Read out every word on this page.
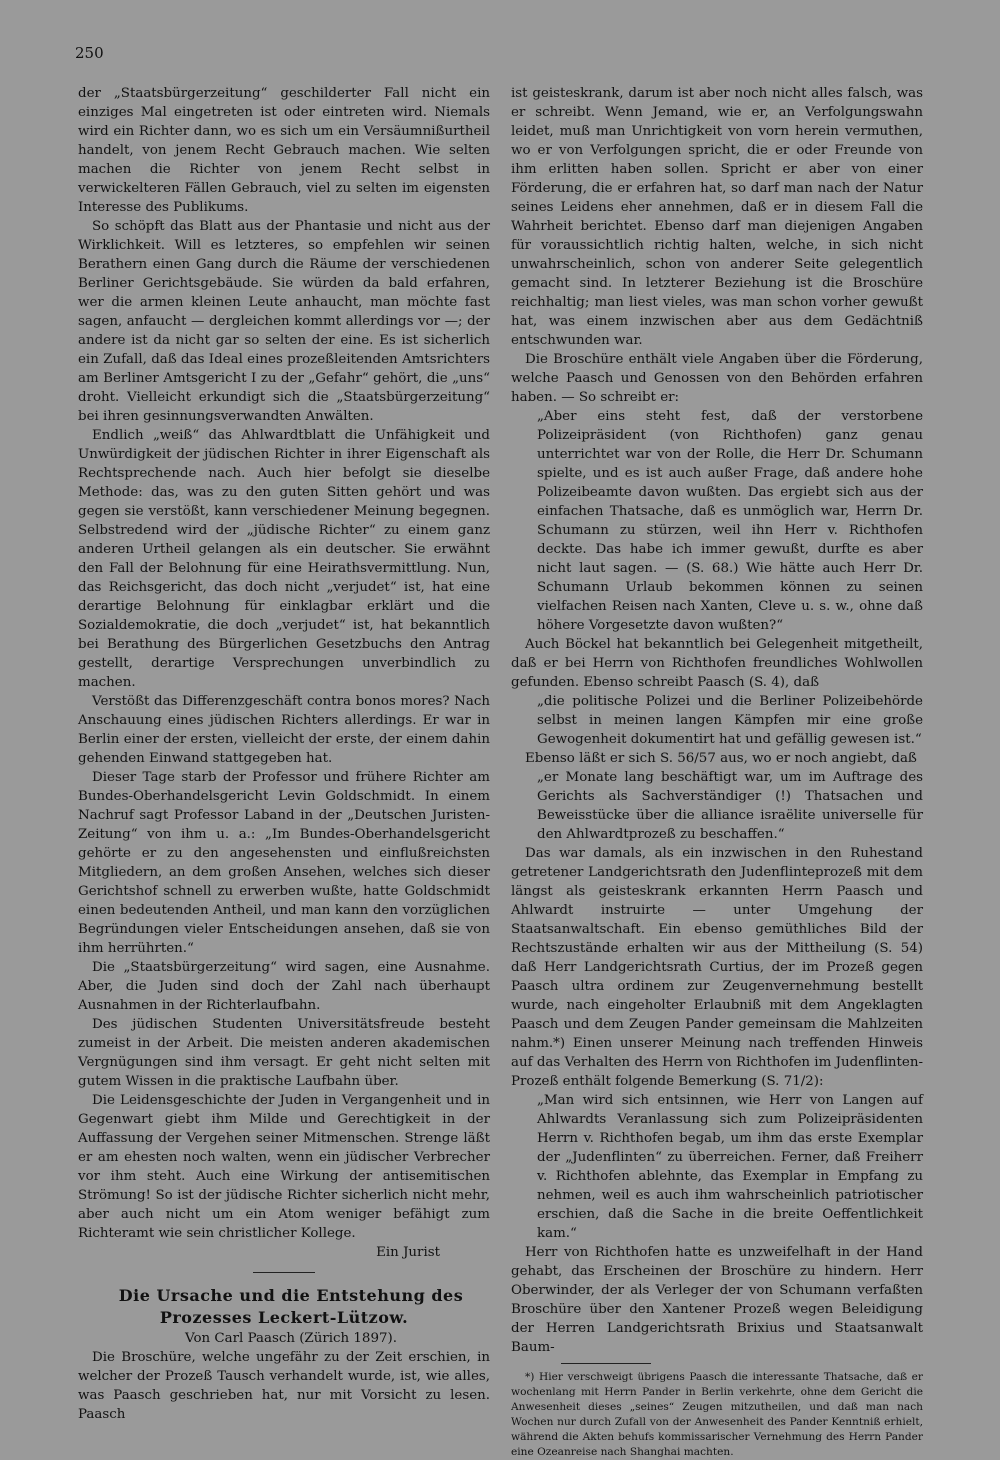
250

der „Staatsbürgerzeitung“ geschilderter Fall nicht ein einziges Mal eingetreten ist oder eintreten wird. Niemals wird ein Richter dann, wo es sich um ein Versäumnißurtheil handelt, von jenem Recht Gebrauch machen. Wie selten machen die Richter von jenem Recht selbst in verwickelteren Fällen Gebrauch, viel zu selten im eigensten Interesse des Publikums.

So schöpft das Blatt aus der Phantasie und nicht aus der Wirklichkeit. Will es letzteres, so empfehlen wir seinen Berathern einen Gang durch die Räume der verschiedenen Berliner Gerichtsgebäude. Sie würden da bald erfahren, wer die armen kleinen Leute anhaucht, man möchte fast sagen, anfaucht — dergleichen kommt allerdings vor —; der andere ist da nicht gar so selten der eine. Es ist sicherlich ein Zufall, daß das Ideal eines prozeßleitenden Amtsrichters am Berliner Amtsgericht I zu der „Gefahr“ gehört, die „uns“ droht. Vielleicht erkundigt sich die „Staatsbürgerzeitung“ bei ihren gesinnungsverwandten Anwälten.

Endlich „weiß“ das Ahlwardtblatt die Unfähigkeit und Unwürdigkeit der jüdischen Richter in ihrer Eigenschaft als Rechtsprechende nach. Auch hier befolgt sie dieselbe Methode: das, was zu den guten Sitten gehört und was gegen sie verstößt, kann verschiedener Meinung begegnen. Selbstredend wird der „jüdische Richter“ zu einem ganz anderen Urtheil gelangen als ein deutscher. Sie erwähnt den Fall der Belohnung für eine Heirathsvermittlung. Nun, das Reichsgericht, das doch nicht „verjudet“ ist, hat eine derartige Belohnung für einklagbar erklärt und die Sozialdemokratie, die doch „verjudet“ ist, hat bekanntlich bei Berathung des Bürgerlichen Gesetzbuchs den Antrag gestellt, derartige Versprechungen unverbindlich zu machen.

Verstößt das Differenzgeschäft contra bonos mores? Nach Anschauung eines jüdischen Richters allerdings. Er war in Berlin einer der ersten, vielleicht der erste, der einem dahin gehenden Einwand stattgegeben hat.

Dieser Tage starb der Professor und frühere Richter am Bundes-Oberhandelsgericht Levin Goldschmidt. In einem Nachruf sagt Professor Laband in der „Deutschen Juristen-Zeitung“ von ihm u. a.: „Im Bundes-Oberhandelsgericht gehörte er zu den angesehensten und einflußreichsten Mitgliedern, an dem großen Ansehen, welches sich dieser Gerichtshof schnell zu erwerben wußte, hatte Goldschmidt einen bedeutenden Antheil, und man kann den vorzüglichen Begründungen vieler Entscheidungen ansehen, daß sie von ihm herrührten.“

Die „Staatsbürgerzeitung“ wird sagen, eine Ausnahme. Aber, die Juden sind doch der Zahl nach überhaupt Ausnahmen in der Richterlaufbahn.

Des jüdischen Studenten Universitätsfreude besteht zumeist in der Arbeit. Die meisten anderen akademischen Vergnügungen sind ihm versagt. Er geht nicht selten mit gutem Wissen in die praktische Laufbahn über.

Die Leidensgeschichte der Juden in Vergangenheit und in Gegenwart giebt ihm Milde und Gerechtigkeit in der Auffassung der Vergehen seiner Mitmenschen. Strenge läßt er am ehesten noch walten, wenn ein jüdischer Verbrecher vor ihm steht. Auch eine Wirkung der antisemitischen Strömung! So ist der jüdische Richter sicherlich nicht mehr, aber auch nicht um ein Atom weniger befähigt zum Richteramt wie sein christlicher Kollege.

Ein Jurist

Die Ursache und die Entstehung des Prozesses Leckert-Lützow.

Von Carl Paasch (Zürich 1897).

Die Broschüre, welche ungefähr zu der Zeit erschien, in welcher der Prozeß Tausch verhandelt wurde, ist, wie alles, was Paasch geschrieben hat, nur mit Vorsicht zu lesen. Paasch

ist geisteskrank, darum ist aber noch nicht alles falsch, was er schreibt. Wenn Jemand, wie er, an Verfolgungswahn leidet, muß man Unrichtigkeit von vorn herein vermuthen, wo er von Verfolgungen spricht, die er oder Freunde von ihm erlitten haben sollen. Spricht er aber von einer Förderung, die er erfahren hat, so darf man nach der Natur seines Leidens eher annehmen, daß er in diesem Fall die Wahrheit berichtet. Ebenso darf man diejenigen Angaben für voraussichtlich richtig halten, welche, in sich nicht unwahrscheinlich, schon von anderer Seite gelegentlich gemacht sind. In letzterer Beziehung ist die Broschüre reichhaltig; man liest vieles, was man schon vorher gewußt hat, was einem inzwischen aber aus dem Gedächtniß entschwunden war.

Die Broschüre enthält viele Angaben über die Förderung, welche Paasch und Genossen von den Behörden erfahren haben. — So schreibt er:

„Aber eins steht fest, daß der verstorbene Polizeipräsident (von Richthofen) ganz genau unterrichtet war von der Rolle, die Herr Dr. Schumann spielte, und es ist auch außer Frage, daß andere hohe Polizeibeamte davon wußten. Das ergiebt sich aus der einfachen Thatsache, daß es unmöglich war, Herrn Dr. Schumann zu stürzen, weil ihn Herr v. Richthofen deckte. Das habe ich immer gewußt, durfte es aber nicht laut sagen. — (S. 68.) Wie hätte auch Herr Dr. Schumann Urlaub bekommen können zu seinen vielfachen Reisen nach Xanten, Cleve u. s. w., ohne daß höhere Vorgesetzte davon wußten?“

Auch Böckel hat bekanntlich bei Gelegenheit mitgetheilt, daß er bei Herrn von Richthofen freundliches Wohlwollen gefunden. Ebenso schreibt Paasch (S. 4), daß

„die politische Polizei und die Berliner Polizeibehörde selbst in meinen langen Kämpfen mir eine große Gewogenheit dokumentirt hat und gefällig gewesen ist.“

Ebenso läßt er sich S. 56/57 aus, wo er noch angiebt, daß

„er Monate lang beschäftigt war, um im Auftrage des Gerichts als Sachverständiger (!) Thatsachen und Beweisstücke über die alliance israëlite universelle für den Ahlwardtprozeß zu beschaffen.“

Das war damals, als ein inzwischen in den Ruhestand getretener Landgerichtsrath den Judenflinteprozeß mit dem längst als geisteskrank erkannten Herrn Paasch und Ahlwardt instruirte — unter Umgehung der Staatsanwaltschaft. Ein ebenso gemüthliches Bild der Rechtszustände erhalten wir aus der Mittheilung (S. 54) daß Herr Landgerichtsrath Curtius, der im Prozeß gegen Paasch ultra ordinem zur Zeugenvernehmung bestellt wurde, nach eingeholter Erlaubniß mit dem Angeklagten Paasch und dem Zeugen Pander gemeinsam die Mahlzeiten nahm.*) Einen unserer Meinung nach treffenden Hinweis auf das Verhalten des Herrn von Richthofen im Judenflinten-Prozeß enthält folgende Bemerkung (S. 71/2):

„Man wird sich entsinnen, wie Herr von Langen auf Ahlwardts Veranlassung sich zum Polizeipräsidenten Herrn v. Richthofen begab, um ihm das erste Exemplar der „Judenflinten“ zu überreichen. Ferner, daß Freiherr v. Richthofen ablehnte, das Exemplar in Empfang zu nehmen, weil es auch ihm wahrscheinlich patriotischer erschien, daß die Sache in die breite Oeffentlichkeit kam.“

Herr von Richthofen hatte es unzweifelhaft in der Hand gehabt, das Erscheinen der Broschüre zu hindern. Herr Oberwinder, der als Verleger der von Schumann verfaßten Broschüre über den Xantener Prozeß wegen Beleidigung der Herren Landgerichtsrath Brixius und Staatsanwalt Baum-

*) Hier verschweigt übrigens Paasch die interessante Thatsache, daß er wochenlang mit Herrn Pander in Berlin verkehrte, ohne dem Gericht die Anwesenheit dieses „seines“ Zeugen mitzutheilen, und daß man nach Wochen nur durch Zufall von der Anwesenheit des Pander Kenntniß erhielt, während die Akten behufs kommissarischer Vernehmung des Herrn Pander eine Ozeanreise nach Shanghai machten.
